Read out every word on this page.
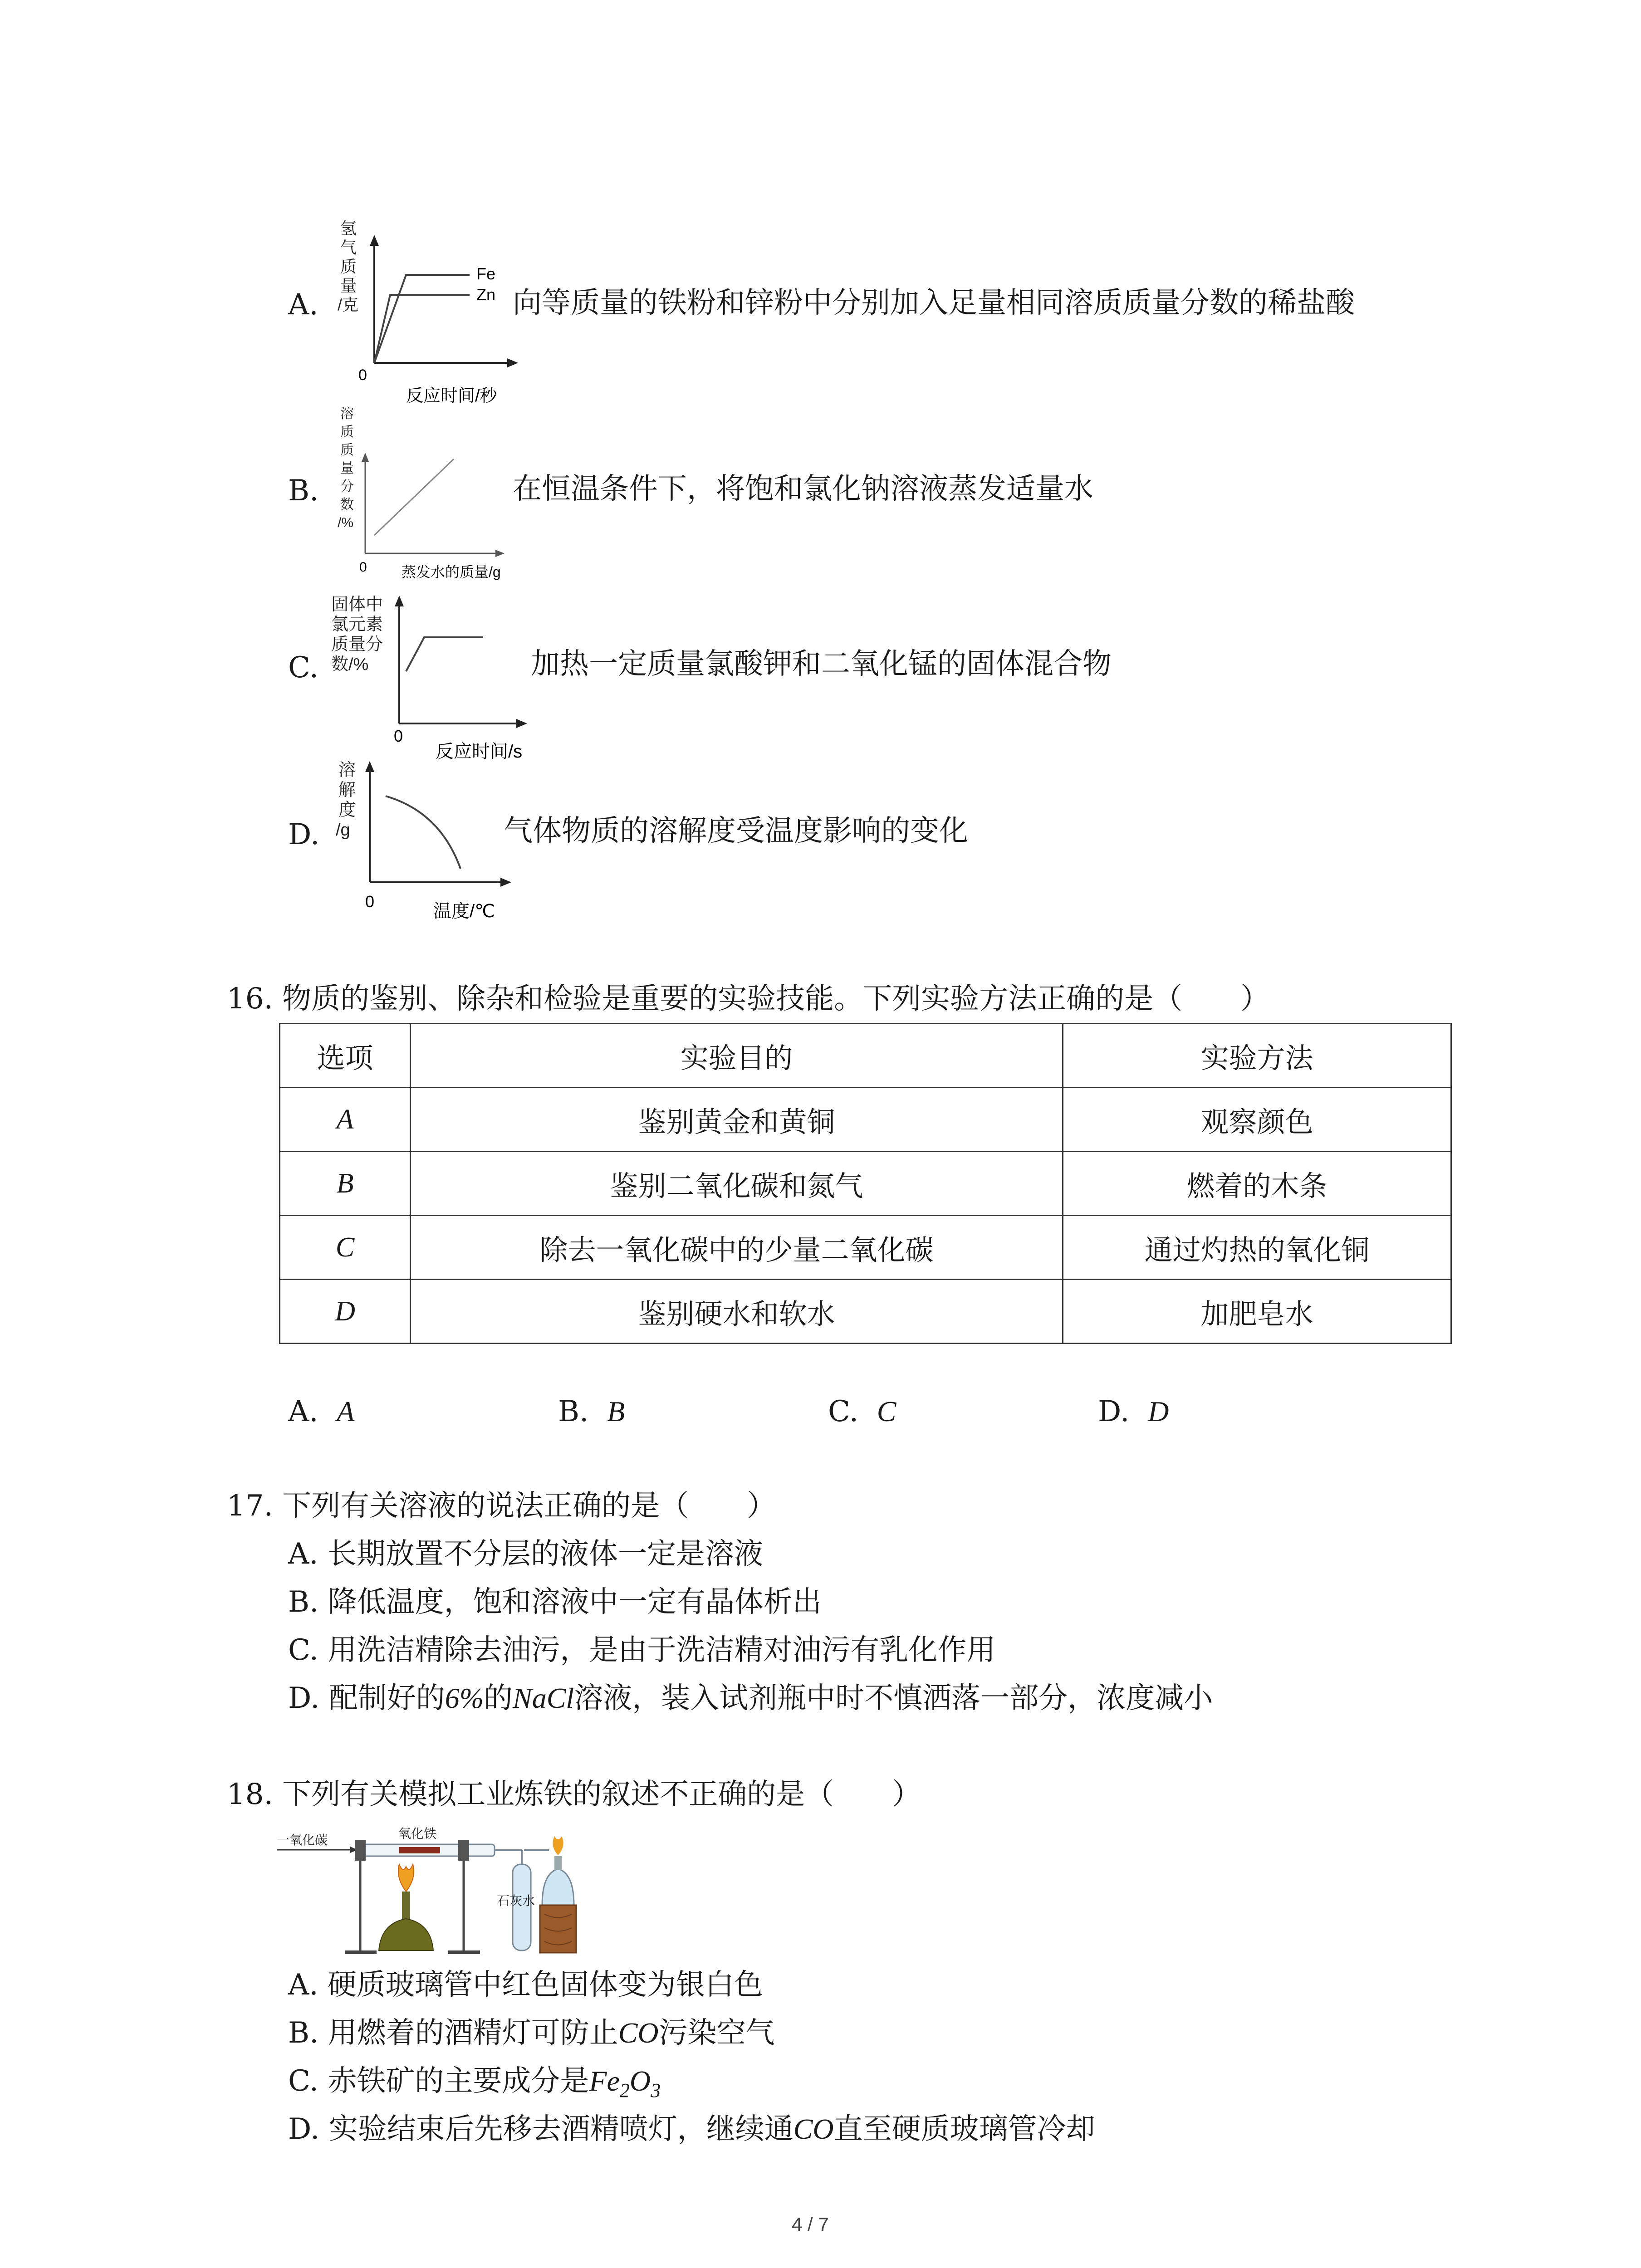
A.
氢
气
质
量
/克
Fe
Zn
0
反应时间/秒
向等质量的铁粉和锌粉中分别加入足量相同溶质质量分数的稀盐酸
B.
溶
质
质
量
分
数
/%
0 蒸发水的质量/g
在恒温条件下，将饱和氯化钠溶液蒸发适量水
C.
固体中
氯元素
质量分
数/%
0
反应时间/s
加热一定质量氯酸钾和二氧化锰的固体混合物
D.
溶
解
度
/g
0	温度/℃
气体物质的溶解度受温度影响的变化
16. 物质的鉴别、除杂和检验是重要的实验技能。下列实验方法正确的是（　　）
选项	实验目的	实验方法
A	鉴别黄金和黄铜	观察颜色
B	鉴别二氧化碳和氮气	燃着的木条
C	除去一氧化碳中的少量二氧化碳	通过灼热的氧化铜
D	鉴别硬水和软水	加肥皂水
A. A	B. B	C. C	D. D
17. 下列有关溶液的说法正确的是（　　）
A. 长期放置不分层的液体一定是溶液
B. 降低温度，饱和溶液中一定有晶体析出
C. 用洗洁精除去油污，是由于洗洁精对油污有乳化作用
D. 配制好的6%的NaCl溶液，装入试剂瓶中时不慎洒落一部分，浓度减小
18. 下列有关模拟工业炼铁的叙述不正确的是（　　）
一氧化碳	氧化铁
石灰水
A. 硬质玻璃管中红色固体变为银白色
B. 用燃着的酒精灯可防止CO污染空气
C. 赤铁矿的主要成分是$Fe_2O_3$
D. 实验结束后先移去酒精喷灯，继续通CO直至硬质玻璃管冷却
4 / 7
